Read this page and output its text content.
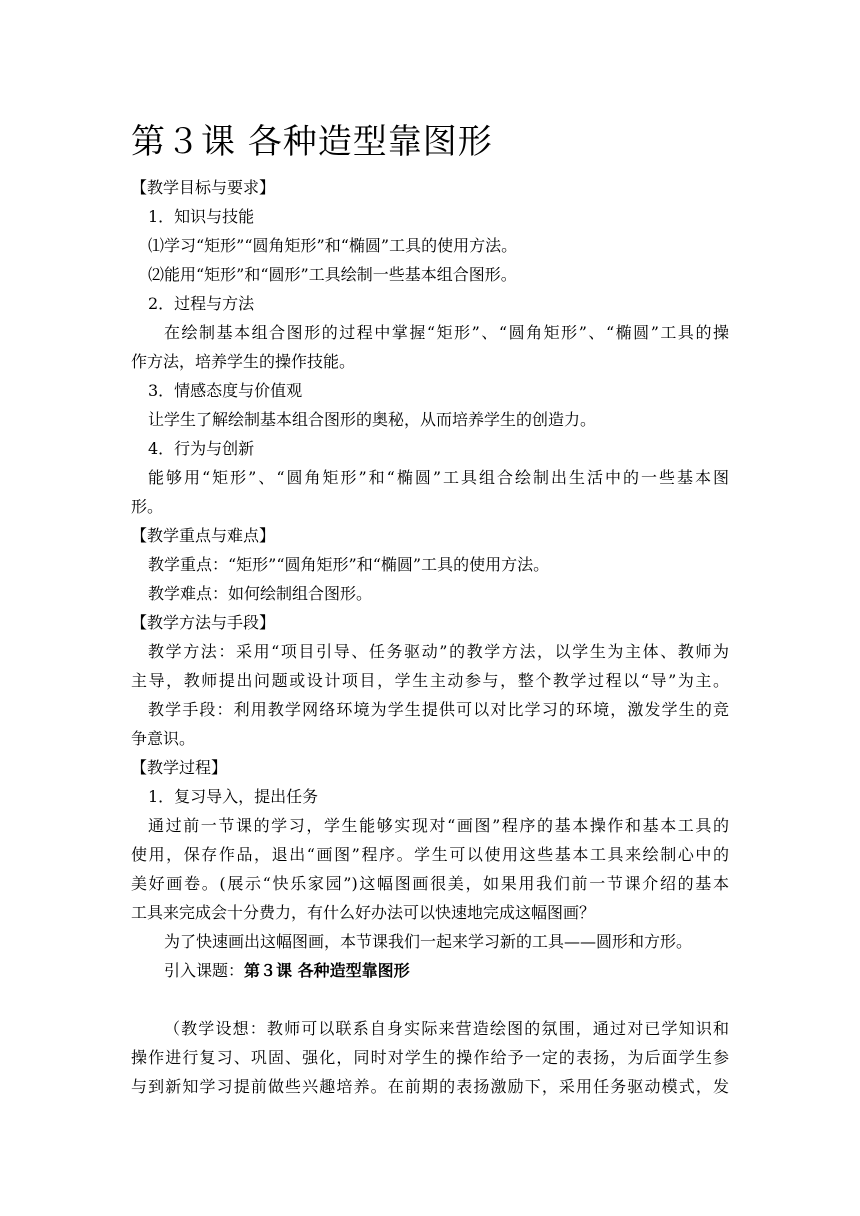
第３课 各种造型靠图形
【教学目标与要求】
1．知识与技能
⑴学习“矩形”“圆角矩形”和“椭圆”工具的使用方法。
⑵能用“矩形”和“圆形”工具绘制一些基本组合图形。
2．过程与方法
在绘制基本组合图形的过程中掌握“矩形”、“圆角矩形”、“椭圆”工具的操
作方法，培养学生的操作技能。
3．情感态度与价值观
让学生了解绘制基本组合图形的奥秘，从而培养学生的创造力。
4．行为与创新
能够用“矩形”、“圆角矩形”和“椭圆”工具组合绘制出生活中的一些基本图
形。
【教学重点与难点】
教学重点：“矩形”“圆角矩形”和“椭圆”工具的使用方法。
教学难点：如何绘制组合图形。
【教学方法与手段】
教学方法：采用“项目引导、任务驱动”的教学方法，以学生为主体、教师为
主导，教师提出问题或设计项目，学生主动参与，整个教学过程以“导”为主。
教学手段：利用教学网络环境为学生提供可以对比学习的环境，激发学生的竞
争意识。
【教学过程】
1．复习导入，提出任务
通过前一节课的学习，学生能够实现对“画图”程序的基本操作和基本工具的
使用，保存作品，退出“画图”程序。学生可以使用这些基本工具来绘制心中的
美好画卷。(展示“快乐家园”)这幅图画很美，如果用我们前一节课介绍的基本
工具来完成会十分费力，有什么好办法可以快速地完成这幅图画？
为了快速画出这幅图画，本节课我们一起来学习新的工具——圆形和方形。
引入课题：第３课 各种造型靠图形
（教学设想：教师可以联系自身实际来营造绘图的氛围，通过对已学知识和
操作进行复习、巩固、强化，同时对学生的操作给予一定的表扬，为后面学生参
与到新知学习提前做些兴趣培养。在前期的表扬激励下，采用任务驱动模式，发
